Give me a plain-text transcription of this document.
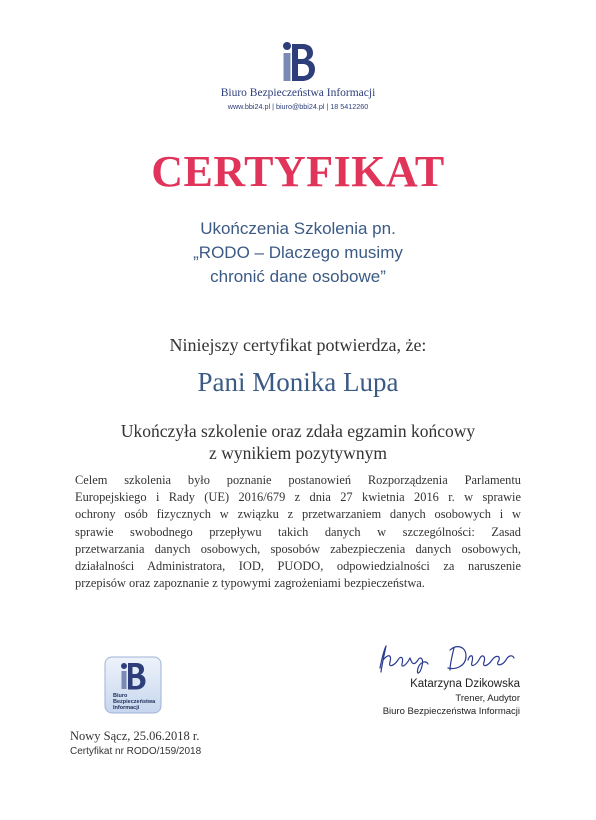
Biuro Bezpieczeństwa Informacji
www.bbi24.pl | biuro@bbi24.pl | 18 5412260
CERTYFIKAT
Ukończenia Szkolenia pn.
„RODO – Dlaczego musimy
chronić dane osobowe”
Niniejszy certyfikat potwierdza, że:
Pani Monika Lupa
Ukończyła szkolenie oraz zdała egzamin końcowy
z wynikiem pozytywnym
Celem szkolenia było poznanie postanowień Rozporządzenia Parlamentu
Europejskiego i Rady (UE) 2016/679 z dnia 27 kwietnia 2016 r. w sprawie
ochrony osób fizycznych w związku z przetwarzaniem danych osobowych i w
sprawie swobodnego przepływu takich danych w szczególności: Zasad
przetwarzania danych osobowych, sposobów zabezpieczenia danych osobowych,
działalności Administratora, IOD, PUODO, odpowiedzialności za naruszenie
przepisów oraz zapoznanie z typowymi zagrożeniami bezpieczeństwa.
Biuro
Bezpieczeństwa
Informacji
Katarzyna Dzikowska
Trener, Audytor
Biuro Bezpieczeństwa Informacji
Nowy Sącz, 25.06.2018 r.
Certyfikat nr RODO/159/2018
